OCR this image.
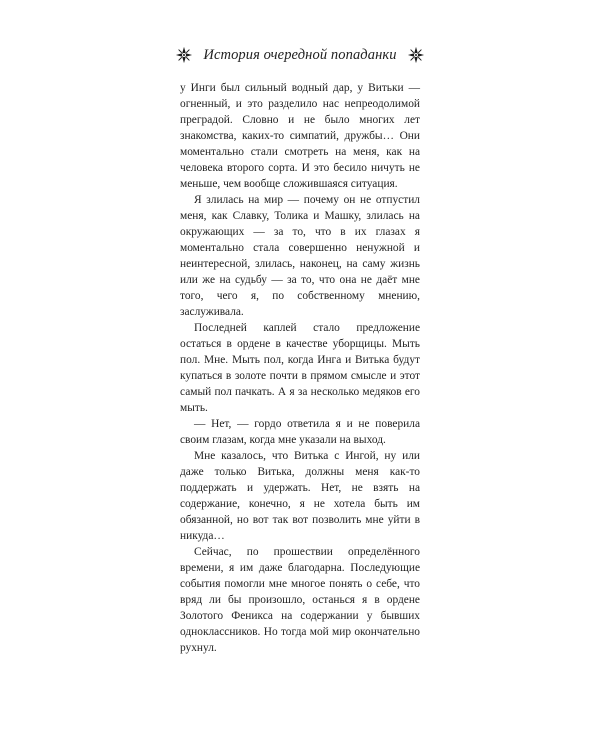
История очередной попаданки

у Инги был сильный водный дар, у Витьки — огненный, и это разделило нас непреодолимой преградой. Словно и не было многих лет знакомства, каких-то симпатий, дружбы… Они моментально стали смотреть на меня, как на человека второго сорта. И это бесило ничуть не меньше, чем вообще сложившаяся ситуация.

Я злилась на мир — почему он не отпустил меня, как Славку, Толика и Машку, злилась на окружающих — за то, что в их глазах я моментально стала совершенно ненужной и неинтересной, злилась, наконец, на саму жизнь или же на судьбу — за то, что она не даёт мне того, чего я, по собственному мнению, заслуживала.

Последней каплей стало предложение остаться в ордене в качестве уборщицы. Мыть пол. Мне. Мыть пол, когда Инга и Витька будут купаться в золоте почти в прямом смысле и этот самый пол пачкать. А я за несколько медяков его мыть.

— Нет, — гордо ответила я и не поверила своим глазам, когда мне указали на выход.

Мне казалось, что Витька с Ингой, ну или даже только Витька, должны меня как-то поддержать и удержать. Нет, не взять на содержание, конечно, я не хотела быть им обязанной, но вот так вот позволить мне уйти в никуда…

Сейчас, по прошествии определённого времени, я им даже благодарна. Последующие события помогли мне многое понять о себе, что вряд ли бы произошло, останься я в ордене Золотого Феникса на содержании у бывших одноклассников. Но тогда мой мир окончательно рухнул.
